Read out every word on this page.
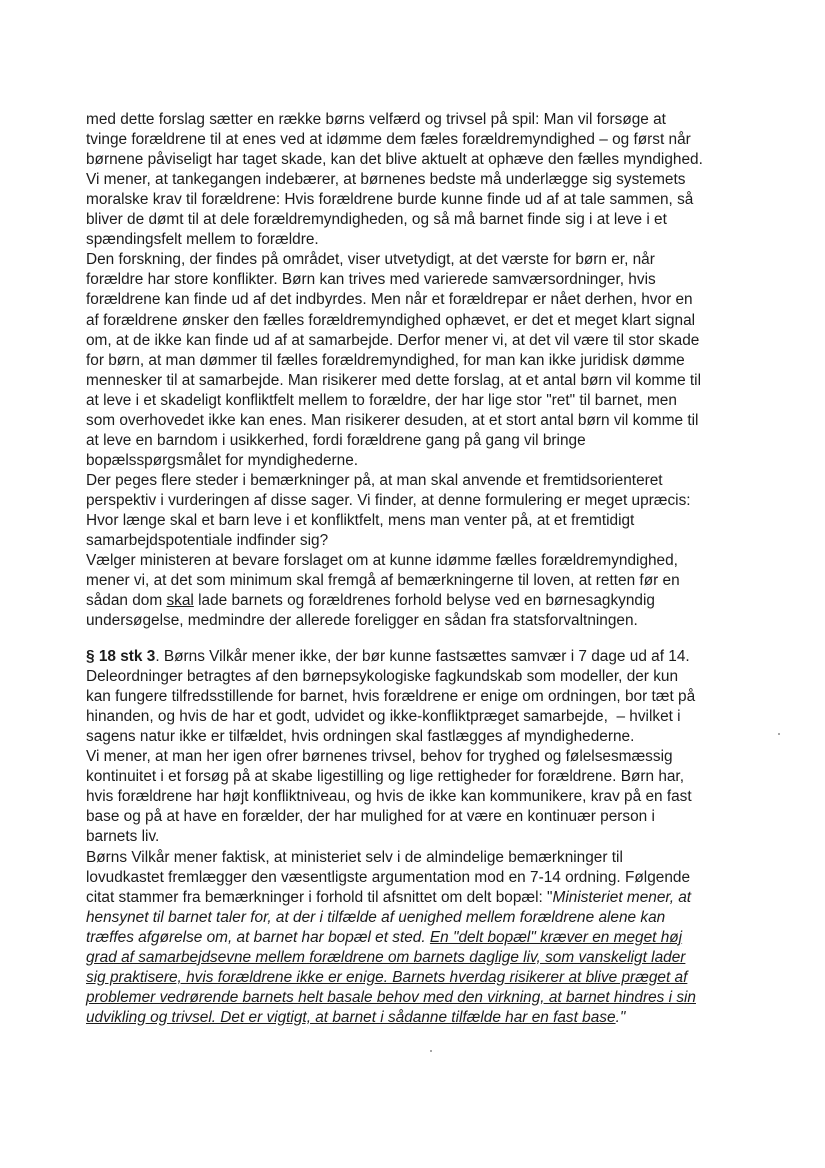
med dette forslag sætter en række børns velfærd og trivsel på spil: Man vil forsøge at
tvinge forældrene til at enes ved at idømme dem fæles forældremyndighed – og først når
børnene påviseligt har taget skade, kan det blive aktuelt at ophæve den fælles myndighed.
Vi mener, at tankegangen indebærer, at børnenes bedste må underlægge sig systemets
moralske krav til forældrene: Hvis forældrene burde kunne finde ud af at tale sammen, så
bliver de dømt til at dele forældremyndigheden, og så må barnet finde sig i at leve i et
spændingsfelt mellem to forældre.
Den forskning, der findes på området, viser utvetydigt, at det værste for børn er, når
forældre har store konflikter. Børn kan trives med varierede samværsordninger, hvis
forældrene kan finde ud af det indbyrdes. Men når et forældrepar er nået derhen, hvor en
af forældrene ønsker den fælles forældremyndighed ophævet, er det et meget klart signal
om, at de ikke kan finde ud af at samarbejde. Derfor mener vi, at det vil være til stor skade
for børn, at man dømmer til fælles forældremyndighed, for man kan ikke juridisk dømme
mennesker til at samarbejde. Man risikerer med dette forslag, at et antal børn vil komme til
at leve i et skadeligt konfliktfelt mellem to forældre, der har lige stor "ret" til barnet, men
som overhovedet ikke kan enes. Man risikerer desuden, at et stort antal børn vil komme til
at leve en barndom i usikkerhed, fordi forældrene gang på gang vil bringe
bopælsspørgsmålet for myndighederne.
Der peges flere steder i bemærkninger på, at man skal anvende et fremtidsorienteret
perspektiv i vurderingen af disse sager. Vi finder, at denne formulering er meget upræcis:
Hvor længe skal et barn leve i et konfliktfelt, mens man venter på, at et fremtidigt
samarbejdspotentiale indfinder sig?
Vælger ministeren at bevare forslaget om at kunne idømme fælles forældremyndighed,
mener vi, at det som minimum skal fremgå af bemærkningerne til loven, at retten før en
sådan dom skal lade barnets og forældrenes forhold belyse ved en børnesagkyndig
undersøgelse, medmindre der allerede foreligger en sådan fra statsforvaltningen.
§ 18 stk 3. Børns Vilkår mener ikke, der bør kunne fastsættes samvær i 7 dage ud af 14.
Deleordninger betragtes af den børnepsykologiske fagkundskab som modeller, der kun
kan fungere tilfredsstillende for barnet, hvis forældrene er enige om ordningen, bor tæt på
hinanden, og hvis de har et godt, udvidet og ikke-konfliktpræget samarbejde,  – hvilket i
sagens natur ikke er tilfældet, hvis ordningen skal fastlægges af myndighederne.
Vi mener, at man her igen ofrer børnenes trivsel, behov for tryghed og følelsesmæssig
kontinuitet i et forsøg på at skabe ligestilling og lige rettigheder for forældrene. Børn har,
hvis forældrene har højt konfliktniveau, og hvis de ikke kan kommunikere, krav på en fast
base og på at have en forælder, der har mulighed for at være en kontinuær person i
barnets liv.
Børns Vilkår mener faktisk, at ministeriet selv i de almindelige bemærkninger til
lovudkastet fremlægger den væsentligste argumentation mod en 7-14 ordning. Følgende
citat stammer fra bemærkninger i forhold til afsnittet om delt bopæl: "Ministeriet mener, at
hensynet til barnet taler for, at der i tilfælde af uenighed mellem forældrene alene kan
træffes afgørelse om, at barnet har bopæl et sted. En "delt bopæl" kræver en meget høj
grad af samarbejdsevne mellem forældrene om barnets daglige liv, som vanskeligt lader
sig praktisere, hvis forældrene ikke er enige. Barnets hverdag risikerer at blive præget af
problemer vedrørende barnets helt basale behov med den virkning, at barnet hindres i sin
udvikling og trivsel. Det er vigtigt, at barnet i sådanne tilfælde har en fast base."
